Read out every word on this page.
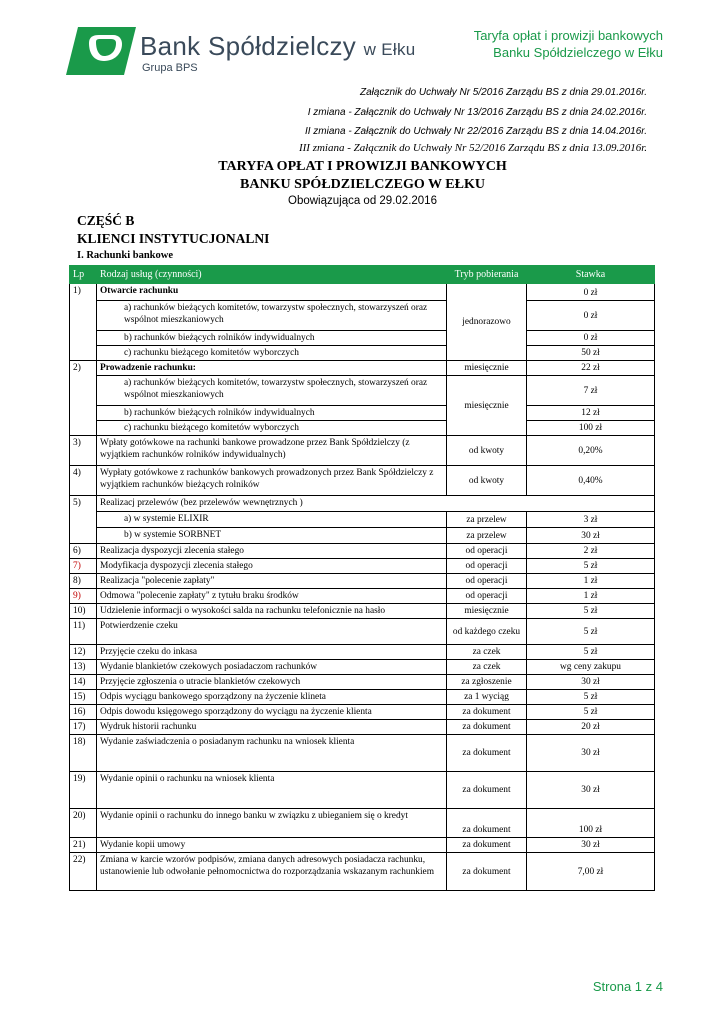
Bank Spółdzielczy w Ełku
Grupa BPS
Taryfa opłat i prowizji bankowych
Banku Spółdzielczego w Ełku
Załącznik do Uchwały Nr 5/2016 Zarządu BS z dnia 29.01.2016r.
I zmiana - Załącznik do Uchwały Nr 13/2016 Zarządu BS z dnia 24.02.2016r.
II zmiana - Załącznik do Uchwały Nr 22/2016 Zarządu BS z dnia 14.04.2016r.
III zmiana - Załącznik do Uchwały Nr 52/2016 Zarządu BS z dnia 13.09.2016r.
TARYFA OPŁAT I PROWIZJI BANKOWYCH
BANKU SPÓŁDZIELCZEGO W EŁKU
Obowiązująca od 29.02.2016
CZĘŚĆ B
KLIENCI INSTYTUCJONALNI
I. Rachunki bankowe
Lp	Rodzaj usług (czynności)	Tryb pobierania	Stawka
1)	Otwarcie rachunku	jednorazowo	0 zł
	a) rachunków bieżących komitetów, towarzystw społecznych, stowarzyszeń oraz wspólnot mieszkaniowych		0 zł
	b) rachunków bieżących rolników indywidualnych		0 zł
	c) rachunku bieżącego komitetów wyborczych		50 zł

2)	Prowadzenie rachunku:	miesięcznie	22 zł
	a) rachunków bieżących komitetów, towarzystw społecznych, stowarzyszeń oraz wspólnot mieszkaniowych	miesięcznie	7 zł
	b) rachunków bieżących rolników indywidualnych		12 zł
	c) rachunku bieżącego komitetów wyborczych		100 zł
3)	Wpłaty gotówkowe na rachunki bankowe prowadzone przez Bank Spółdzielczy (z wyjątkiem rachunków rolników indywidualnych)	od kwoty	0,20%
4)	Wypłaty gotówkowe z rachunków bankowych prowadzonych przez Bank Spółdzielczy z wyjątkiem rachunków bieżących rolników	od kwoty	0,40%
5)	Realizacj przelewów (bez przelewów wewnętrznych )		
	a) w systemie ELIXIR	za przelew	3 zł
	b) w systemie SORBNET	za przelew	30 zł
6)	Realizacja dyspozycji zlecenia stałego	od operacji	2 zł
7)	Modyfikacja dyspozycji zlecenia stałego	od operacji	5 zł
8)	Realizacja "polecenie zapłaty"	od operacji	1 zł
9)	Odmowa "polecenie zapłaty" z tytułu braku środków	od operacji	1 zł
10)	Udzielenie informacji o wysokości salda na rachunku telefonicznie na hasło	miesięcznie	5 zł
11)	Potwierdzenie czeku	od każdego czeku	5 zł
12)	Przyjęcie czeku do inkasa	za czek	5 zł
13)	Wydanie blankietów czekowych posiadaczom rachunków	za czek	wg ceny zakupu
14)	Przyjęcie zgłoszenia o utracie blankietów czekowych	za zgłoszenie	30 zł
15)	Odpis wyciągu bankowego sporządzony na życzenie klineta	za 1 wyciąg	5 zł
16)	Odpis dowodu księgowego sporządzony do wyciągu na życzenie klienta	za dokument	5 zł
17)	Wydruk historii rachunku	za dokument	20 zł
18)	Wydanie zaświadczenia o posiadanym rachunku na wniosek klienta	za dokument	30 zł
19)	Wydanie opinii o rachunku na wniosek klienta	za dokument	30 zł
20)	Wydanie opinii o rachunku do innego banku w związku z ubieganiem się o kredyt	za dokument	100 zł
21)	Wydanie kopii umowy	za dokument	30 zł
22)	Zmiana w karcie wzorów podpisów, zmiana danych adresowych posiadacza rachunku, ustanowienie lub odwołanie pełnomocnictwa do rozporządzania wskazanym rachunkiem	za dokument	7,00 zł
Strona 1 z 4
